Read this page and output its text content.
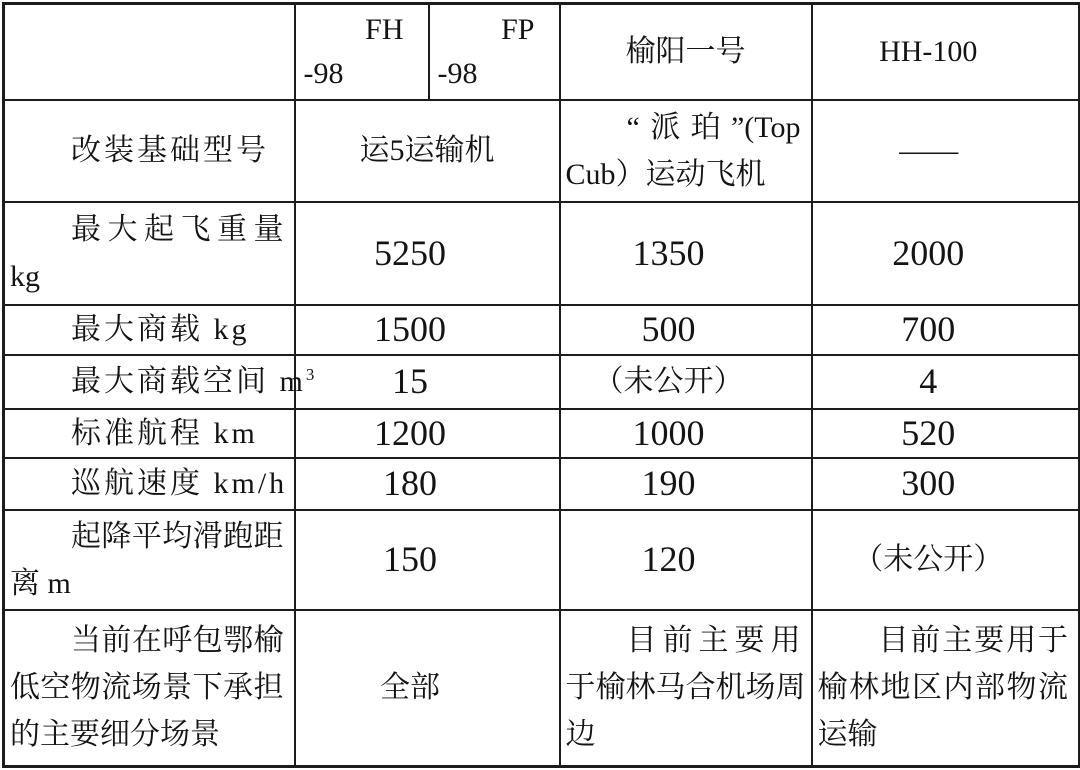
	FH
-98	FP
-98	榆阳一号	HH-100

改装基础型号	运5运输机		“派珀”(Top
Cub）运动飞机	——

最大起飞重量
kg	5250		1350	2000

最大商载 kg	1500		500	700

最大商载空间 $m^3$	15		（未公开）	4

标准航程 km	1200		1000	520

巡航速度 km/h	180		190	300

起降平均滑跑距
离 m	150		120	（未公开）

当前在呼包鄂榆
低空物流场景下承担
的主要细分场景	全部		目前主要用
于榆林马合机场周
边	目前主要用于
榆林地区内部物流
运输
